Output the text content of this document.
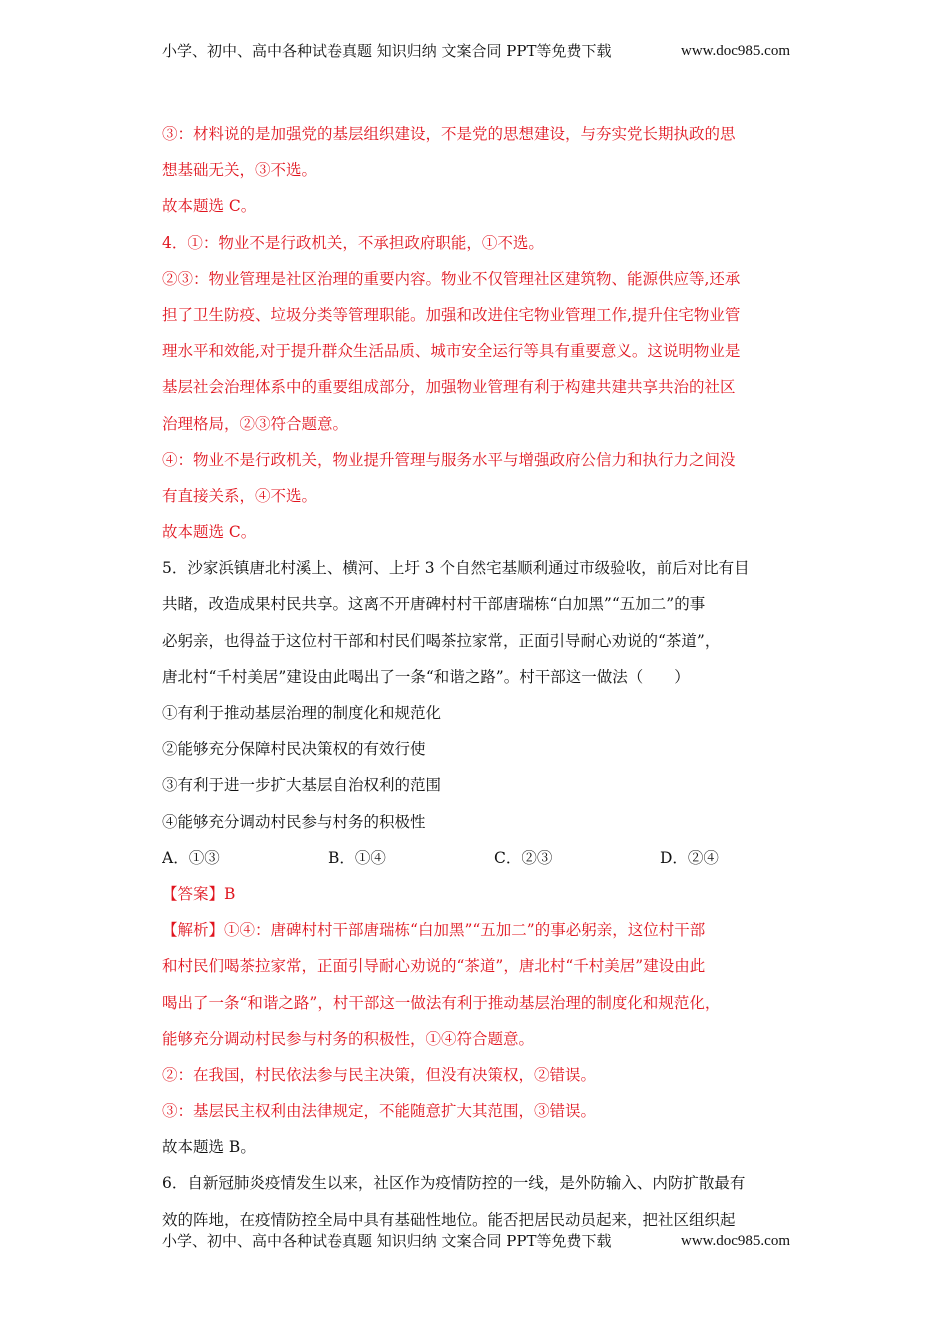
小学、初中、高中各种试卷真题 知识归纳 文案合同 PPT等免费下载	www.doc985.com
③：材料说的是加强党的基层组织建设，不是党的思想建设，与夯实党长期执政的思
想基础无关，③不选。
故本题选 C。
4．①：物业不是行政机关，不承担政府职能，①不选。
②③：物业管理是社区治理的重要内容。物业不仅管理社区建筑物、能源供应等,还承
担了卫生防疫、垃圾分类等管理职能。加强和改进住宅物业管理工作,提升住宅物业管
理水平和效能,对于提升群众生活品质、城市安全运行等具有重要意义。这说明物业是
基层社会治理体系中的重要组成部分，加强物业管理有利于构建共建共享共治的社区
治理格局，②③符合题意。
④：物业不是行政机关，物业提升管理与服务水平与增强政府公信力和执行力之间没
有直接关系，④不选。
故本题选 C。
5．沙家浜镇唐北村溪上、横河、上圩 3 个自然宅基顺利通过市级验收，前后对比有目
共睹，改造成果村民共享。这离不开唐碑村村干部唐瑞栋“白加黑”“五加二”的事
必躬亲，也得益于这位村干部和村民们喝茶拉家常，正面引导耐心劝说的“茶道”，
唐北村“千村美居”建设由此喝出了一条“和谐之路”。村干部这一做法（　　）
①有利于推动基层治理的制度化和规范化
②能够充分保障村民决策权的有效行使
③有利于进一步扩大基层自治权利的范围
④能够充分调动村民参与村务的积极性
A．①③	B．①④	C．②③	D．②④
【答案】B
【解析】①④：唐碑村村干部唐瑞栋“白加黑”“五加二”的事必躬亲，这位村干部
和村民们喝茶拉家常，正面引导耐心劝说的“茶道”，唐北村“千村美居”建设由此
喝出了一条“和谐之路”，村干部这一做法有利于推动基层治理的制度化和规范化，
能够充分调动村民参与村务的积极性，①④符合题意。
②：在我国，村民依法参与民主决策，但没有决策权，②错误。
③：基层民主权利由法律规定，不能随意扩大其范围，③错误。
故本题选 B。
6．自新冠肺炎疫情发生以来，社区作为疫情防控的一线，是外防输入、内防扩散最有
效的阵地，在疫情防控全局中具有基础性地位。能否把居民动员起来，把社区组织起
小学、初中、高中各种试卷真题 知识归纳 文案合同 PPT等免费下载	www.doc985.com
